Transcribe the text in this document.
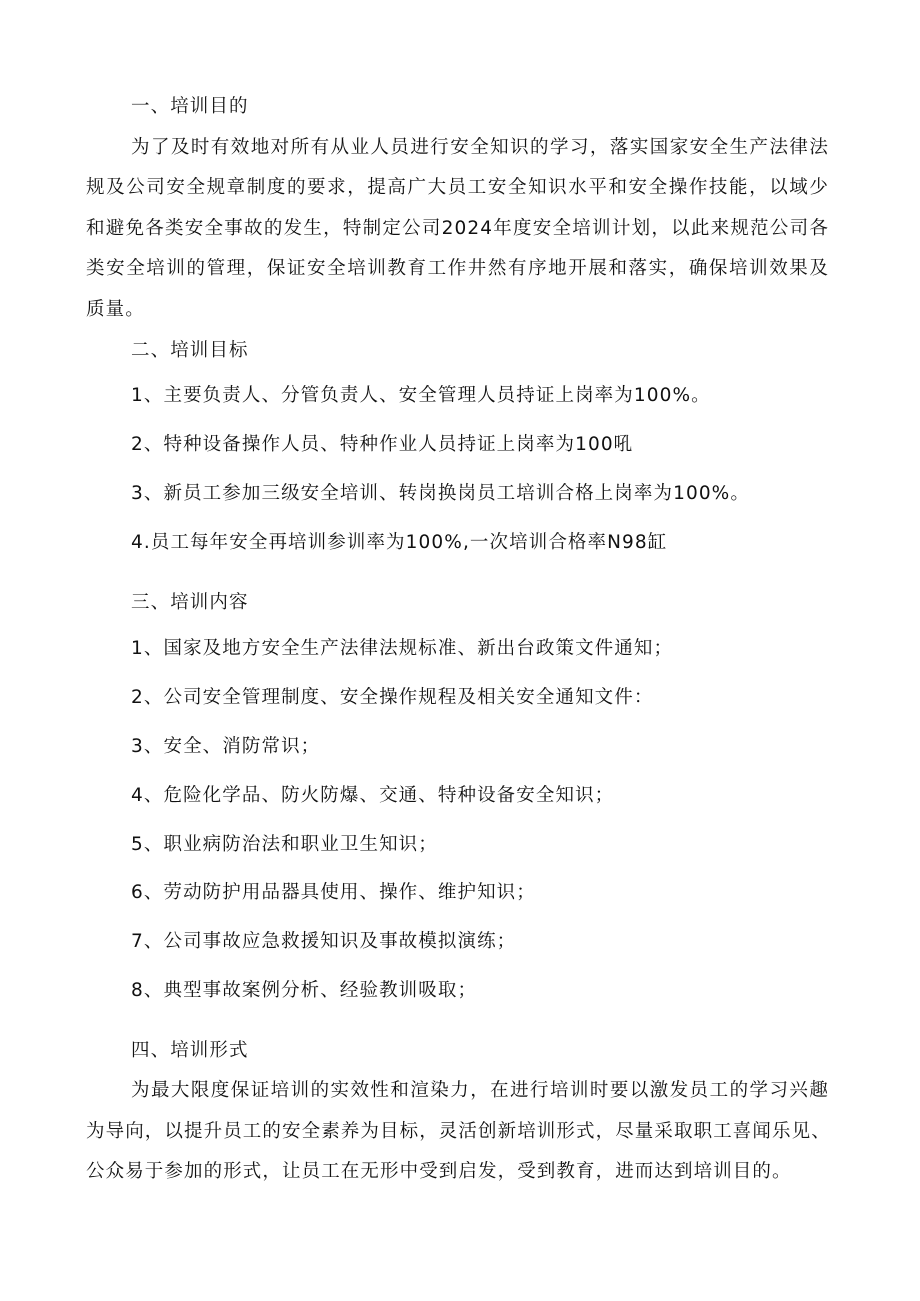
一、培训目的
为了及时有效地对所有从业人员进行安全知识的学习，落实国家安全生产法律法
规及公司安全规章制度的要求，提高广大员工安全知识水平和安全操作技能，以域少
和避免各类安全事故的发生，特制定公司2024年度安全培训计划，以此来规范公司各
类安全培训的管理，保证安全培训教育工作井然有序地开展和落实，确保培训效果及
质量。
二、培训目标
1、主要负责人、分管负责人、安全管理人员持证上岗率为100%。
2、特种设备操作人员、特种作业人员持证上岗率为100吼
3、新员工参加三级安全培训、转岗换岗员工培训合格上岗率为100%。
4.员工每年安全再培训参训率为100%,一次培训合格率N98缸
三、培训内容
1、国家及地方安全生产法律法规标准、新出台政策文件通知；
2、公司安全管理制度、安全操作规程及相关安全通知文件：
3、安全、消防常识；
4、危险化学品、防火防爆、交通、特种设备安全知识；
5、职业病防治法和职业卫生知识；
6、劳动防护用品器具使用、操作、维护知识；
7、公司事故应急救援知识及事故模拟演练；
8、典型事故案例分析、经验教训吸取；
四、培训形式
为最大限度保证培训的实效性和渲染力，在进行培训时要以激发员工的学习兴趣
为导向，以提升员工的安全素养为目标，灵活创新培训形式，尽量采取职工喜闻乐见、
公众易于参加的形式，让员工在无形中受到启发，受到教育，进而达到培训目的。
